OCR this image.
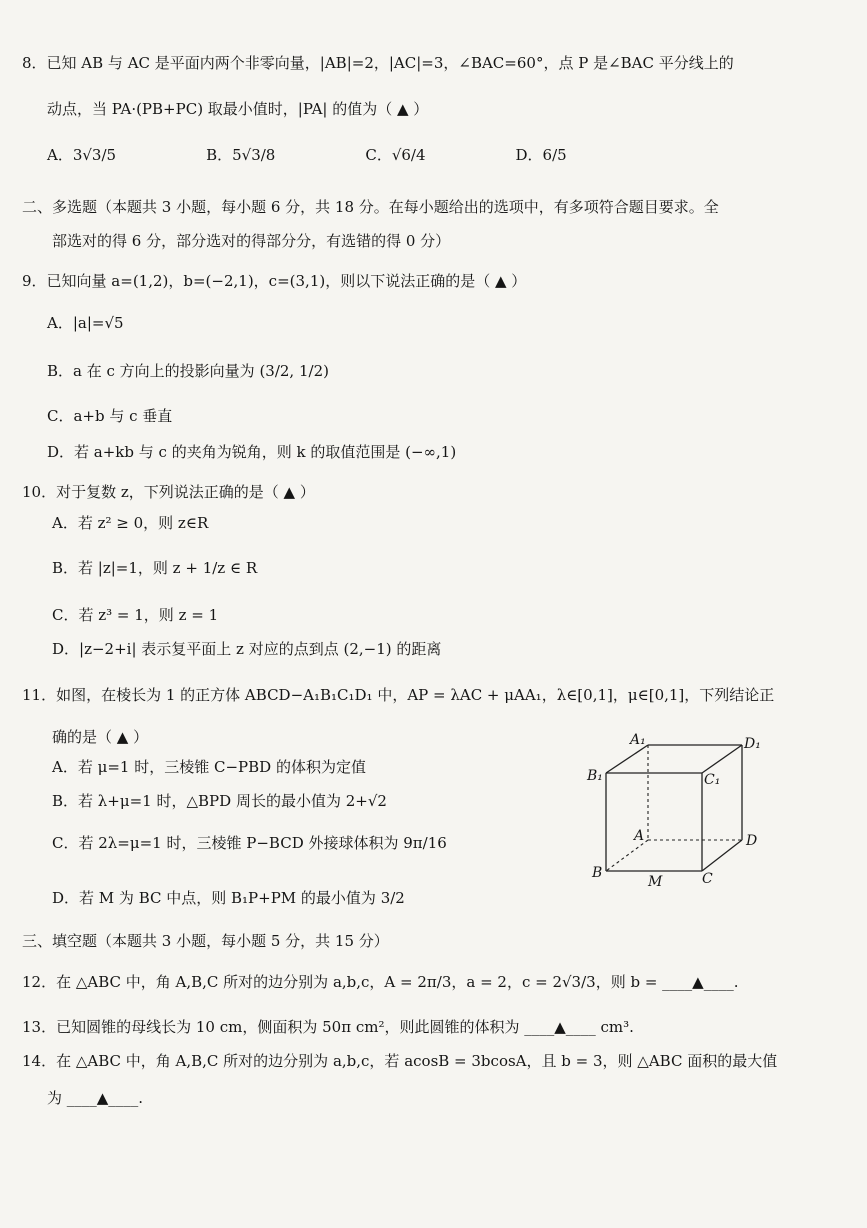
8．已知 AB 与 AC 是平面内两个非零向量，|AB|=2，|AC|=3，∠BAC=60°，点 P 是∠BAC 平分线上的
动点，当 PA·(PB+PC) 取最小值时，|PA| 的值为（ ▲ ）
A．3√3/5　　　　　　B．5√3/8　　　　　　C．√6/4　　　　　　D．6/5
二、多选题（本题共 3 小题，每小题 6 分，共 18 分。在每小题给出的选项中，有多项符合题目要求。全
部选对的得 6 分，部分选对的得部分分，有选错的得 0 分）
9．已知向量 a=(1,2)，b=(−2,1)，c=(3,1)，则以下说法正确的是（ ▲ ）
A．|a|=√5
B．a 在 c 方向上的投影向量为 (3/2, 1/2)
C．a+b 与 c 垂直
D．若 a+kb 与 c 的夹角为锐角，则 k 的取值范围是 (−∞,1)
10．对于复数 z，下列说法正确的是（ ▲ ）
A．若 z² ≥ 0，则 z∈R
B．若 |z|=1，则 z + 1/z ∈ R
C．若 z³ = 1，则 z = 1
D．|z−2+i| 表示复平面上 z 对应的点到点 (2,−1) 的距离
11．如图，在棱长为 1 的正方体 ABCD−A₁B₁C₁D₁ 中，AP = λAC + μAA₁，λ∈[0,1]，μ∈[0,1]，下列结论正
确的是（ ▲ ）
A．若 μ=1 时，三棱锥 C−PBD 的体积为定值
B．若 λ+μ=1 时，△BPD 周长的最小值为 2+√2
C．若 2λ=μ=1 时，三棱锥 P−BCD 外接球体积为 9π/16
D．若 M 为 BC 中点，则 B₁P+PM 的最小值为 3/2
A₁	D₁
B₁	C₁
A	D
B
M	C
三、填空题（本题共 3 小题，每小题 5 分，共 15 分）
12．在 △ABC 中，角 A,B,C 所对的边分别为 a,b,c，A = 2π/3，a = 2，c = 2√3/3，则 b = ____▲____.
13．已知圆锥的母线长为 10 cm，侧面积为 50π cm²，则此圆锥的体积为 ____▲____ cm³.
14．在 △ABC 中，角 A,B,C 所对的边分别为 a,b,c，若 acosB = 3bcosA，且 b = 3，则 △ABC 面积的最大值
为 ____▲____.
